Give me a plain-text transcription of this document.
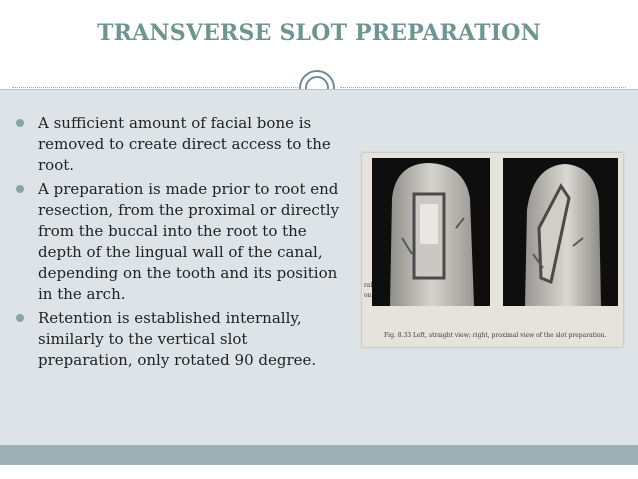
TRANSVERSE SLOT PREPARATION
A sufficient amount of facial bone is removed to create direct access to the root.
A preparation is made prior to root end resection, from the proximal or directly from the buccal into the root to the depth of the lingual wall of the canal, depending on the tooth and its position in the arch.
Retention is established internally, similarly to the vertical slot preparation, only rotated 90 degree.
ral on
Fig. 8.33 Left, straight view; right, proximal view of the slot preparation.
